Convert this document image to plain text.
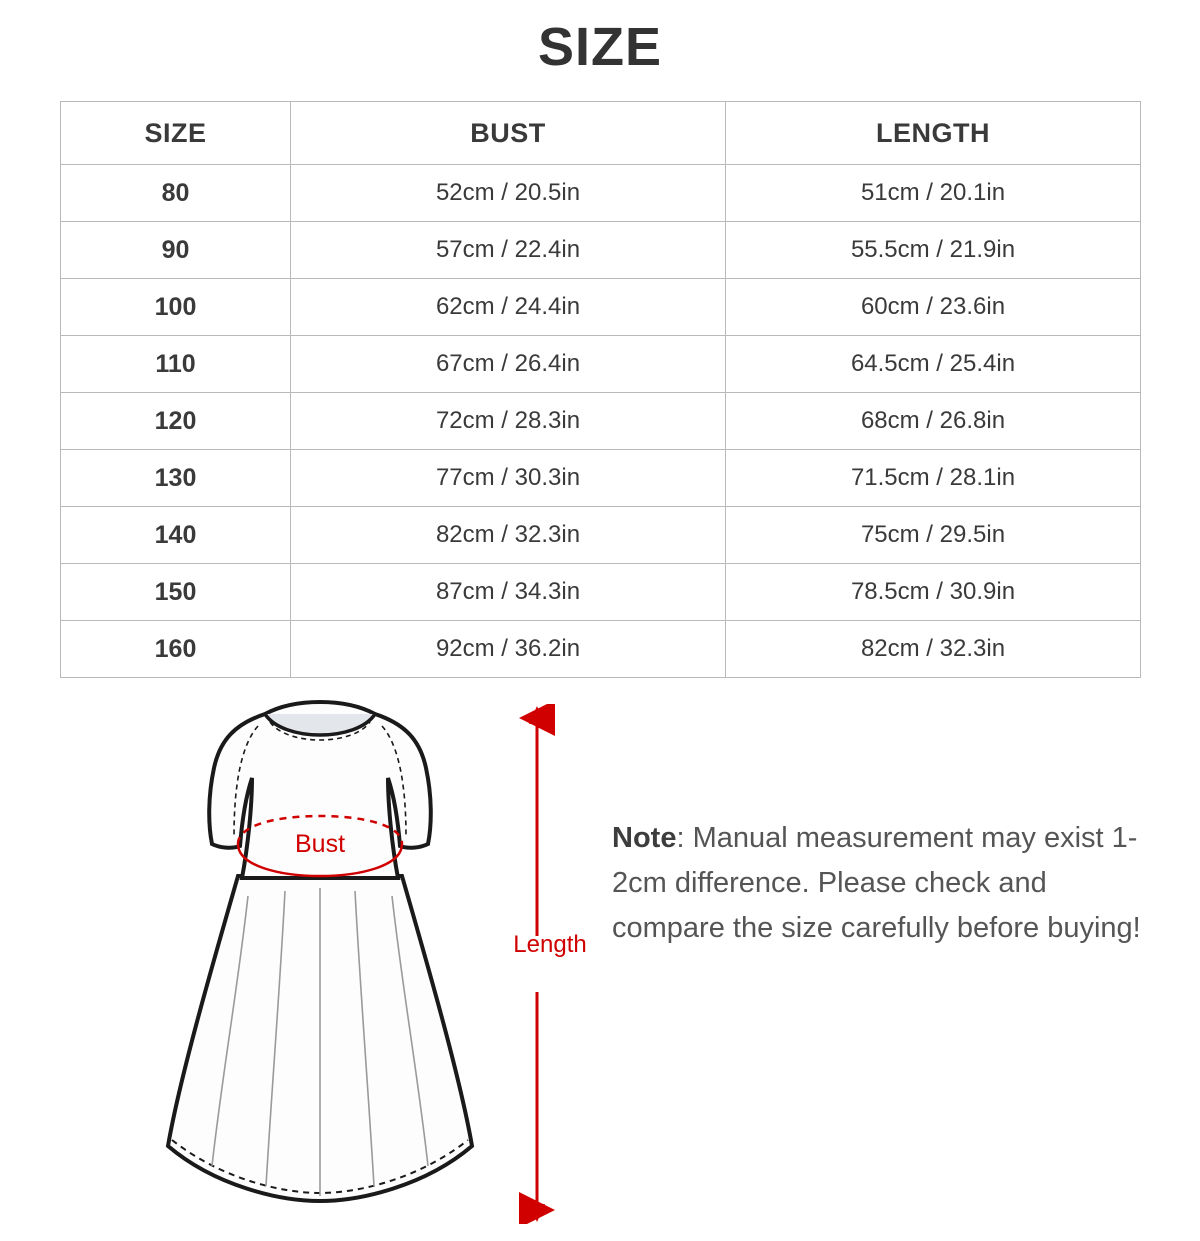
SIZE
SIZE	BUST	LENGTH
80	52cm / 20.5in	51cm / 20.1in
90	57cm / 22.4in	55.5cm / 21.9in
100	62cm / 24.4in	60cm / 23.6in
110	67cm / 26.4in	64.5cm / 25.4in
120	72cm / 28.3in	68cm / 26.8in
130	77cm / 30.3in	71.5cm / 28.1in
140	82cm / 32.3in	75cm / 29.5in
150	87cm / 34.3in	78.5cm / 30.9in
160	92cm / 36.2in	82cm / 32.3in
Bust
Length
Note: Manual measurement may exist 1-2cm difference. Please check and compare the size carefully before buying!
